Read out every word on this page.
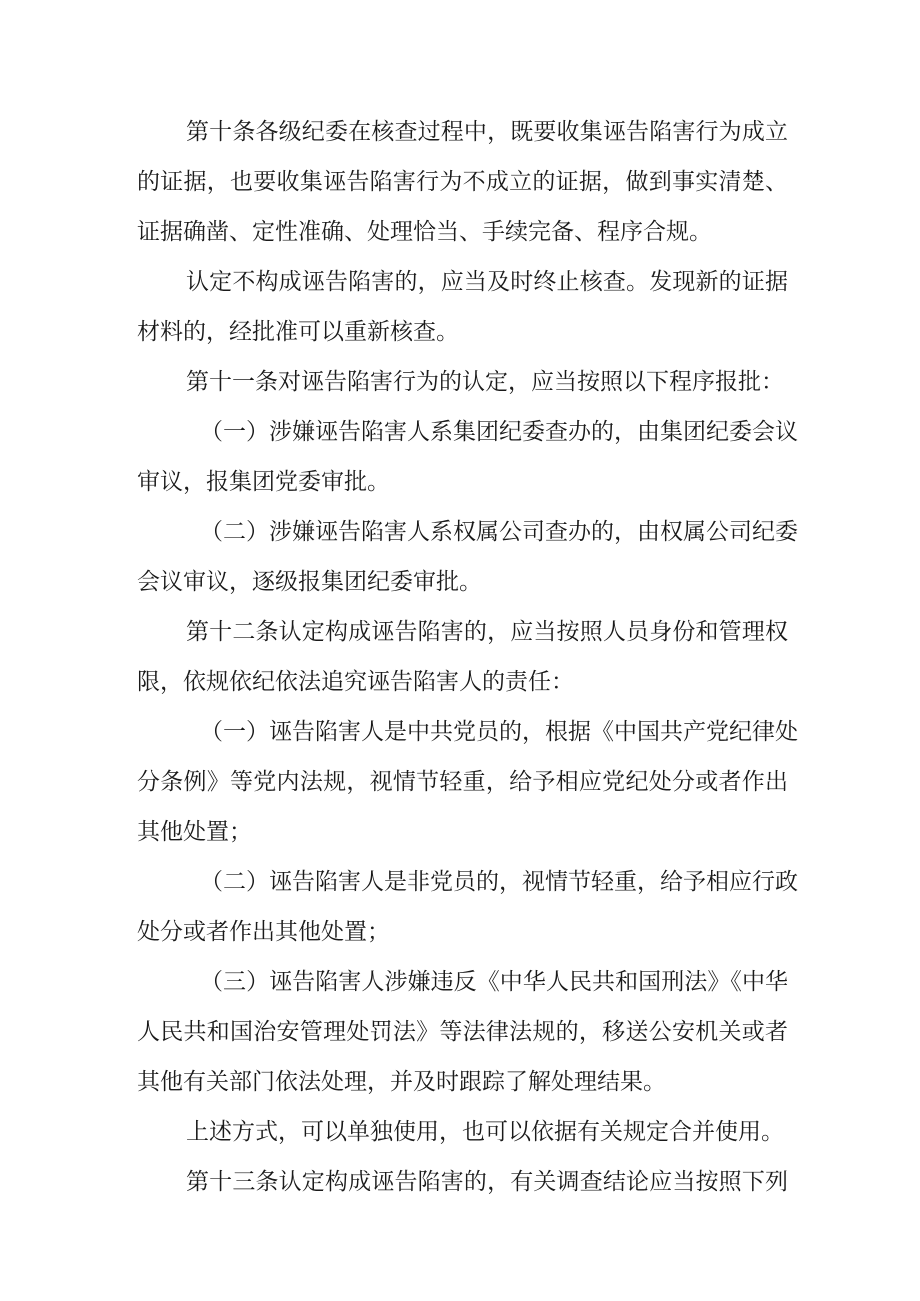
第十条各级纪委在核查过程中，既要收集诬告陷害行为成立
的证据，也要收集诬告陷害行为不成立的证据，做到事实清楚、
证据确凿、定性准确、处理恰当、手续完备、程序合规。
认定不构成诬告陷害的，应当及时终止核查。发现新的证据
材料的，经批准可以重新核查。
第十一条对诬告陷害行为的认定，应当按照以下程序报批：
（一）涉嫌诬告陷害人系集团纪委查办的，由集团纪委会议
审议，报集团党委审批。
（二）涉嫌诬告陷害人系权属公司查办的，由权属公司纪委
会议审议，逐级报集团纪委审批。
第十二条认定构成诬告陷害的，应当按照人员身份和管理权
限，依规依纪依法追究诬告陷害人的责任：
（一）诬告陷害人是中共党员的，根据《中国共产党纪律处
分条例》等党内法规，视情节轻重，给予相应党纪处分或者作出
其他处置；
（二）诬告陷害人是非党员的，视情节轻重，给予相应行政
处分或者作出其他处置；
（三）诬告陷害人涉嫌违反《中华人民共和国刑法》《中华
人民共和国治安管理处罚法》等法律法规的，移送公安机关或者
其他有关部门依法处理，并及时跟踪了解处理结果。
上述方式，可以单独使用，也可以依据有关规定合并使用。
第十三条认定构成诬告陷害的，有关调查结论应当按照下列
